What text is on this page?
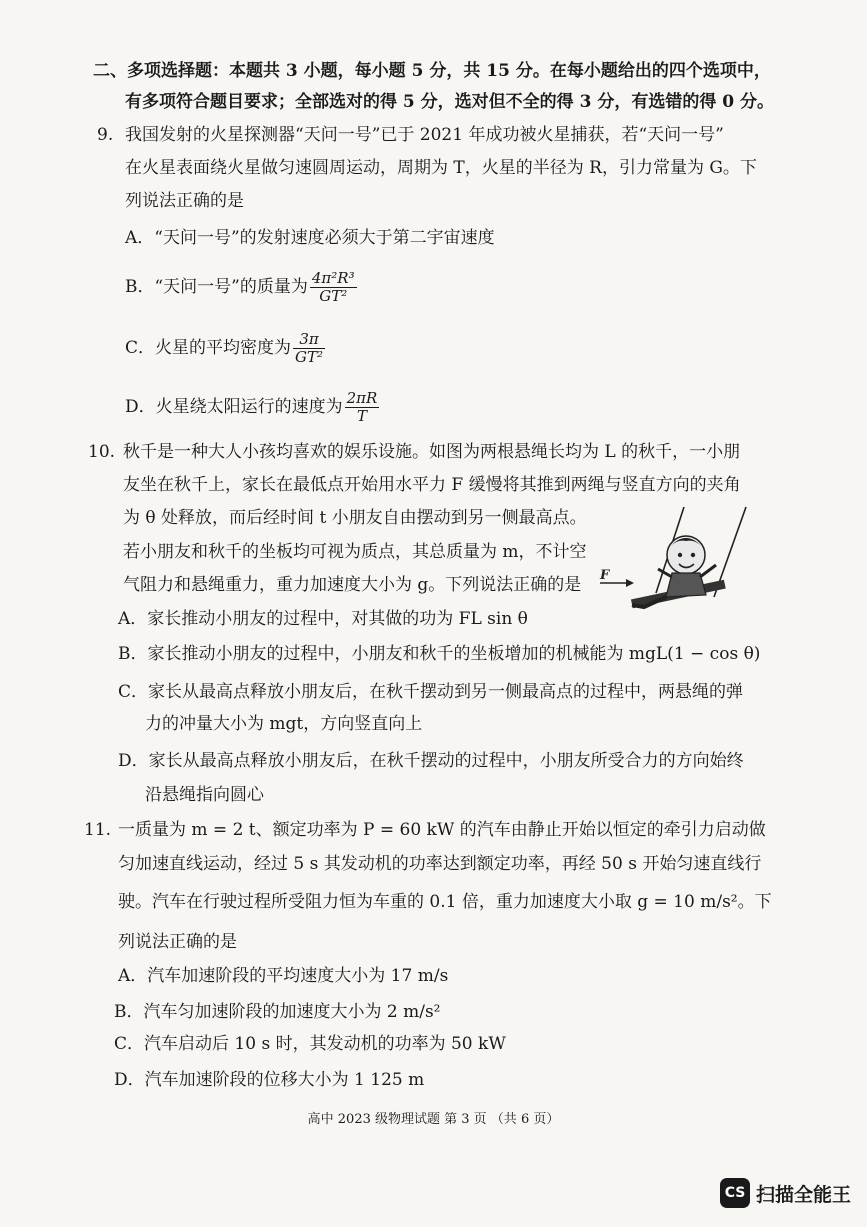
二、多项选择题：本题共 3 小题，每小题 5 分，共 15 分。在每小题给出的四个选项中，
有多项符合题目要求；全部选对的得 5 分，选对但不全的得 3 分，有选错的得 0 分。
9. 我国发射的火星探测器“天问一号”已于 2021 年成功被火星捕获，若“天问一号”
在火星表面绕火星做匀速圆周运动，周期为 T，火星的半径为 R，引力常量为 G。下
列说法正确的是
A．“天问一号”的发射速度必须大于第二宇宙速度
B．“天问一号”的质量为 $\frac{\text{4π²R³}}{\text{GT²}}$
C．火星的平均密度为 $\frac{3\pi}{\text{GT²}}$
D．火星绕太阳运行的速度为 $\frac{2\pi R}{T}$
10. 秋千是一种大人小孩均喜欢的娱乐设施。如图为两根悬绳长均为 L 的秋千，一小朋
友坐在秋千上，家长在最低点开始用水平力 F 缓慢将其推到两绳与竖直方向的夹角
为 θ 处释放，而后经时间 t 小朋友自由摆动到另一侧最高点。
若小朋友和秋千的坐板均可视为质点，其总质量为 m，不计空
气阻力和悬绳重力，重力加速度大小为 g。下列说法正确的是 F
A．家长推动小朋友的过程中，对其做的功为 FL sin θ
B．家长推动小朋友的过程中，小朋友和秋千的坐板增加的机械能为 mgL(1 − cos θ)
C．家长从最高点释放小朋友后，在秋千摆动到另一侧最高点的过程中，两悬绳的弹
力的冲量大小为 mgt，方向竖直向上
D．家长从最高点释放小朋友后，在秋千摆动的过程中，小朋友所受合力的方向始终
沿悬绳指向圆心
11. 一质量为 m = 2 t、额定功率为 P = 60 kW 的汽车由静止开始以恒定的牵引力启动做
匀加速直线运动，经过 5 s 其发动机的功率达到额定功率，再经 50 s 开始匀速直线行
驶。汽车在行驶过程所受阻力恒为车重的 0.1 倍，重力加速度大小取 g = 10 m/s²。下
列说法正确的是
A．汽车加速阶段的平均速度大小为 17 m/s
B．汽车匀加速阶段的加速度大小为 2 m/s²
C．汽车启动后 10 s 时，其发动机的功率为 50 kW
D．汽车加速阶段的位移大小为 1 125 m
高中 2023 级物理试题 第 3 页 （共 6 页）
CS 扫描全能王
